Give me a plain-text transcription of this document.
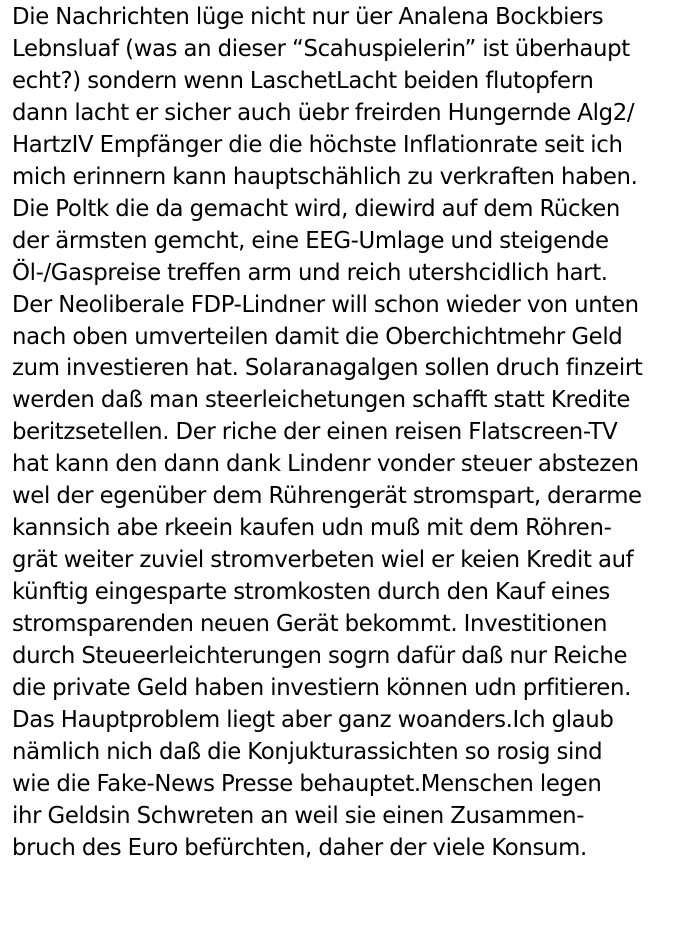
Die Nachrichten lüge nicht nur üer Analena Bockbiers
Lebnsluaf (was an dieser “Scahuspielerin” ist überhaupt
echt?) sondern wenn LaschetLacht beiden flutopfern
dann lacht er sicher auch üebr freirden Hungernde Alg2/
HartzIV Empfänger die die höchste Inflationrate seit ich
mich erinnern kann hauptschählich zu verkraften haben.
Die Poltk die da gemacht wird, diewird auf dem Rücken
der ärmsten gemcht, eine EEG-Umlage und steigende
Öl-/Gaspreise treffen arm und reich utershcidlich hart.
Der Neoliberale FDP-Lindner will schon wieder von unten
nach oben umverteilen damit die Oberchichtmehr Geld
zum investieren hat. Solaranagalgen sollen druch finzeirt
werden daß man steerleichetungen schafft statt Kredite
beritzsetellen. Der riche der einen reisen Flatscreen-TV
hat kann den dann dank Lindenr vonder steuer abstezen
wel der egenüber dem Rührengerät stromspart, derarme
kannsich abe rkeein kaufen udn muß mit dem Röhren-
grät weiter zuviel stromverbeten wiel er keien Kredit auf
künftig eingesparte stromkosten durch den Kauf eines
stromsparenden neuen Gerät bekommt. Investitionen
durch Steueerleichterungen sogrn dafür daß nur Reiche
die private Geld haben investiern können udn prfitieren.
Das Hauptproblem liegt aber ganz woanders.Ich glaub
nämlich nich daß die Konjukturassichten so rosig sind
wie die Fake-News Presse behauptet.Menschen legen
ihr Geldsin Schwreten an weil sie einen Zusammen-
bruch des Euro befürchten, daher der viele Konsum.
